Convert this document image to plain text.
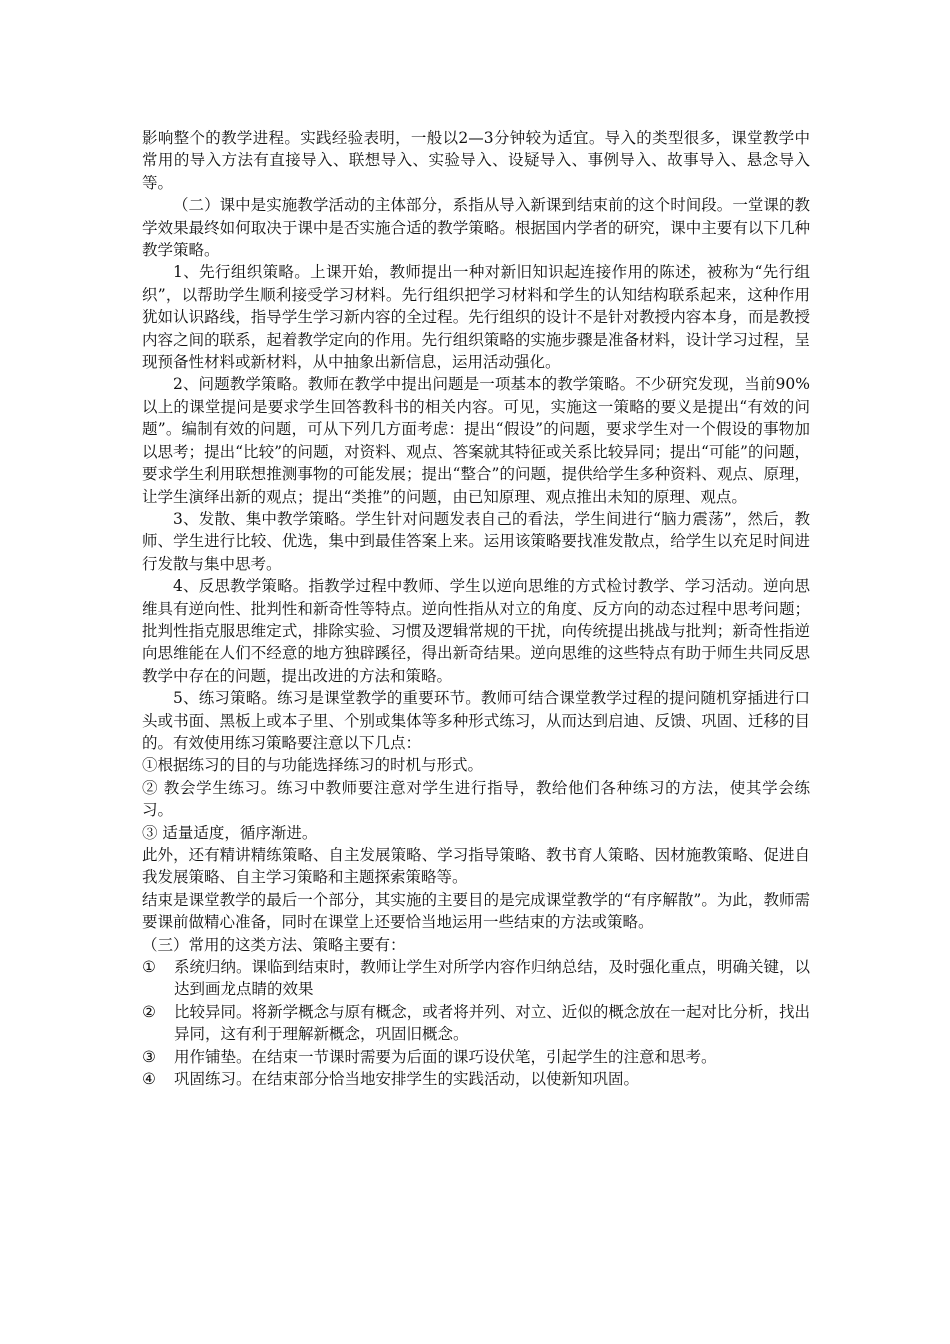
影响整个的教学进程。实践经验表明，一般以2—3分钟较为适宜。导入的类型很多，课堂教学中常用的导入方法有直接导入、联想导入、实验导入、设疑导入、事例导入、故事导入、悬念导入等。

（二）课中是实施教学活动的主体部分，系指从导入新课到结束前的这个时间段。一堂课的教学效果最终如何取决于课中是否实施合适的教学策略。根据国内学者的研究，课中主要有以下几种教学策略。

1、先行组织策略。上课开始，教师提出一种对新旧知识起连接作用的陈述，被称为“先行组织”，以帮助学生顺利接受学习材料。先行组织把学习材料和学生的认知结构联系起来，这种作用犹如认识路线，指导学生学习新内容的全过程。先行组织的设计不是针对教授内容本身，而是教授内容之间的联系，起着教学定向的作用。先行组织策略的实施步骤是准备材料，设计学习过程，呈现预备性材料或新材料，从中抽象出新信息，运用活动强化。

2、问题教学策略。教师在教学中提出问题是一项基本的教学策略。不少研究发现，当前90%以上的课堂提问是要求学生回答教科书的相关内容。可见，实施这一策略的要义是提出“有效的问题”。编制有效的问题，可从下列几方面考虑：提出“假设”的问题，要求学生对一个假设的事物加以思考；提出“比较”的问题，对资料、观点、答案就其特征或关系比较异同；提出“可能”的问题，要求学生利用联想推测事物的可能发展；提出“整合”的问题，提供给学生多种资料、观点、原理，让学生演绎出新的观点；提出“类推”的问题，由已知原理、观点推出未知的原理、观点。

3、发散、集中教学策略。学生针对问题发表自己的看法，学生间进行“脑力震荡”，然后，教师、学生进行比较、优选，集中到最佳答案上来。运用该策略要找准发散点，给学生以充足时间进行发散与集中思考。

4、反思教学策略。指教学过程中教师、学生以逆向思维的方式检讨教学、学习活动。逆向思维具有逆向性、批判性和新奇性等特点。逆向性指从对立的角度、反方向的动态过程中思考问题；批判性指克服思维定式，排除实验、习惯及逻辑常规的干扰，向传统提出挑战与批判；新奇性指逆向思维能在人们不经意的地方独辟蹊径，得出新奇结果。逆向思维的这些特点有助于师生共同反思教学中存在的问题，提出改进的方法和策略。

5、练习策略。练习是课堂教学的重要环节。教师可结合课堂教学过程的提问随机穿插进行口头或书面、黑板上或本子里、个别或集体等多种形式练习，从而达到启迪、反馈、巩固、迁移的目的。有效使用练习策略要注意以下几点：

①根据练习的目的与功能选择练习的时机与形式。

② 教会学生练习。练习中教师要注意对学生进行指导，教给他们各种练习的方法，使其学会练习。

③ 适量适度，循序渐进。

此外，还有精讲精练策略、自主发展策略、学习指导策略、教书育人策略、因材施教策略、促进自我发展策略、自主学习策略和主题探索策略等。

结束是课堂教学的最后一个部分，其实施的主要目的是完成课堂教学的“有序解散”。为此，教师需要课前做精心准备，同时在课堂上还要恰当地运用一些结束的方法或策略。

（三）常用的这类方法、策略主要有：

①	系统归纳。课临到结束时，教师让学生对所学内容作归纳总结，及时强化重点，明确关键，以达到画龙点睛的效果
②	比较异同。将新学概念与原有概念，或者将并列、对立、近似的概念放在一起对比分析，找出异同，这有利于理解新概念，巩固旧概念。
③	用作铺垫。在结束一节课时需要为后面的课巧设伏笔，引起学生的注意和思考。
④	巩固练习。在结束部分恰当地安排学生的实践活动，以使新知巩固。
